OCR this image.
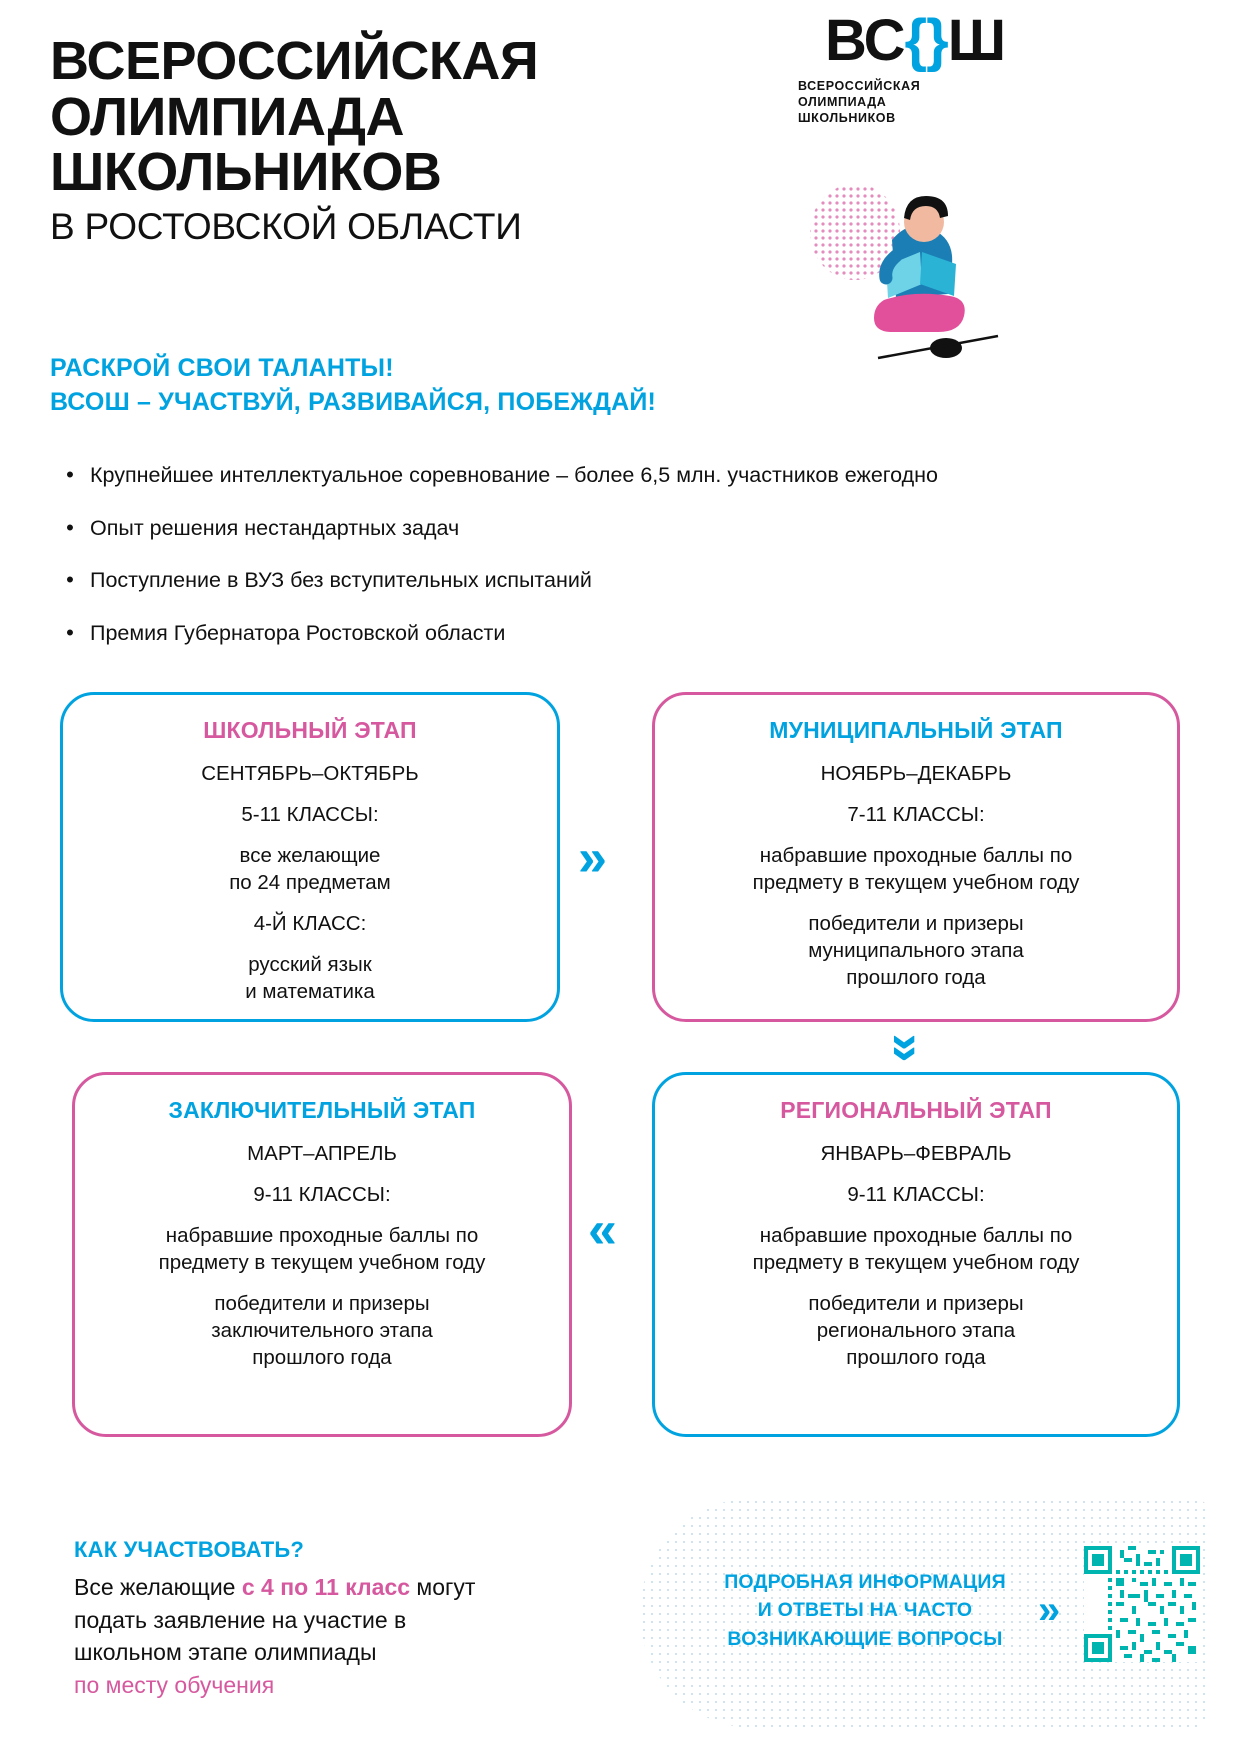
ВСЕРОССИЙСКАЯ
ОЛИМПИАДА
ШКОЛЬНИКОВ
В РОСТОВСКОЙ ОБЛАСТИ
ВС{}Ш
ВСЕРОССИЙСКАЯ
ОЛИМПИАДА
ШКОЛЬНИКОВ
РАСКРОЙ СВОИ ТАЛАНТЫ!
ВСОШ – УЧАСТВУЙ, РАЗВИВАЙСЯ, ПОБЕЖДАЙ!
• Крупнейшее интеллектуальное соревнование – более 6,5 млн. участников ежегодно
• Опыт решения нестандартных задач
• Поступление в ВУЗ без вступительных испытаний
• Премия Губернатора Ростовской области
ШКОЛЬНЫЙ ЭТАП
СЕНТЯБРЬ–ОКТЯБРЬ
5-11 КЛАССЫ:
все желающие
по 24 предметам
4-Й КЛАСС:
русский язык
и математика
»
МУНИЦИПАЛЬНЫЙ ЭТАП
НОЯБРЬ–ДЕКАБРЬ
7-11 КЛАССЫ:
набравшие проходные баллы по
предмету в текущем учебном году
победители и призеры
муниципального этапа
прошлого года
»
ЗАКЛЮЧИТЕЛЬНЫЙ ЭТАП
МАРТ–АПРЕЛЬ
9-11 КЛАССЫ:
набравшие проходные баллы по
предмету в текущем учебном году
победители и призеры
заключительного этапа
прошлого года
«
РЕГИОНАЛЬНЫЙ ЭТАП
ЯНВАРЬ–ФЕВРАЛЬ
9-11 КЛАССЫ:
набравшие проходные баллы по
предмету в текущем учебном году
победители и призеры
регионального этапа
прошлого года
КАК УЧАСТВОВАТЬ?
Все желающие с 4 по 11 класс могут
подать заявление на участие в
школьном этапе олимпиады
по месту обучения
ПОДРОБНАЯ ИНФОРМАЦИЯ
И ОТВЕТЫ НА ЧАСТО
ВОЗНИКАЮЩИЕ ВОПРОСЫ
»
